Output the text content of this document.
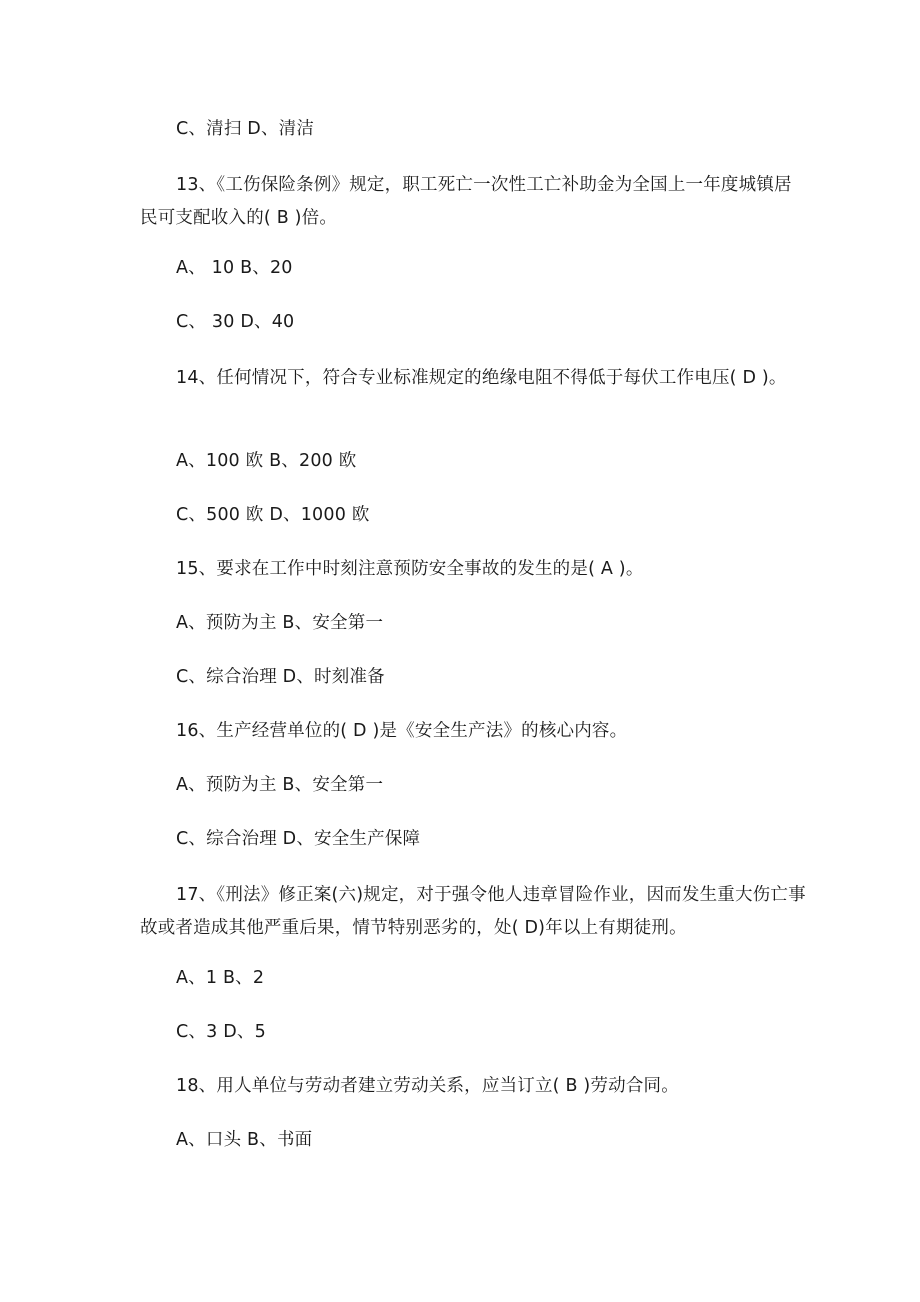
C、清扫 D、清洁
13、《工伤保险条例》规定，职工死亡一次性工亡补助金为全国上一年度城镇居民可支配收入的( B )倍。
A、 10 B、20
C、 30 D、40
14、任何情况下，符合专业标准规定的绝缘电阻不得低于每伏工作电压( D )。
A、100 欧 B、200 欧
C、500 欧 D、1000 欧
15、要求在工作中时刻注意预防安全事故的发生的是( A )。
A、预防为主 B、安全第一
C、综合治理 D、时刻准备
16、生产经营单位的( D )是《安全生产法》的核心内容。
A、预防为主 B、安全第一
C、综合治理 D、安全生产保障
17、《刑法》修正案(六)规定，对于强令他人违章冒险作业，因而发生重大伤亡事故或者造成其他严重后果，情节特别恶劣的，处( D)年以上有期徒刑。
A、1 B、2
C、3 D、5
18、用人单位与劳动者建立劳动关系，应当订立( B )劳动合同。
A、口头 B、书面
